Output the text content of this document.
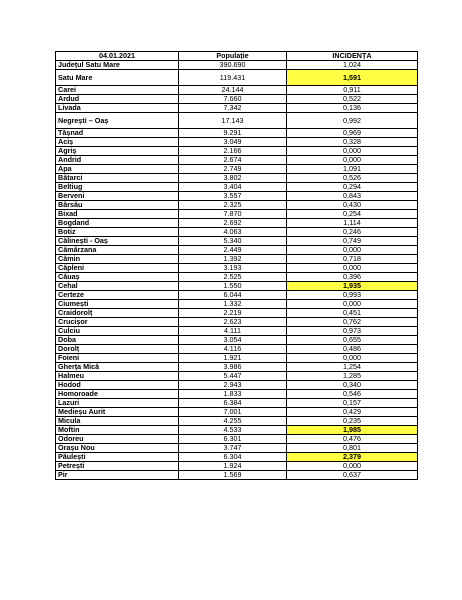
04.01.2021	Populație	INCIDENȚA
Județul Satu Mare	390.690	1,024
Satu Mare	119.431	1,591
Carei	24.144	0,911
Ardud	7.660	0,522
Livada	7.342	0,136
Negrești – Oaș	17.143	0,992
Tășnad	9.291	0,969
Aciș	3.049	0,328
Agriș	2.166	0,000
Andrid	2.674	0,000
Apa	2.749	1,091
Bătarci	3.802	0,526
Beltiug	3.404	0,294
Berveni	3.557	0,843
Bârsău	2.325	0,430
Bixad	7.870	0,254
Bogdand	2.692	1,114
Botiz	4.063	0,246
Călinești - Oaș	5.340	0,749
Cămărzana	2.449	0,000
Cămin	1.392	0,718
Căpleni	3.193	0,000
Căuaș	2.525	0,396
Cehal	1.550	1,935
Certeze	6.044	0,993
Ciumești	1.332	0,000
Craidorolț	2.219	0,451
Crucișor	2.623	0,762
Culciu	4.111	0,973
Doba	3.054	0,655
Dorolț	4.116	0,486
Foieni	1.921	0,000
Gherța Mică	3.986	1,254
Halmeu	5.447	1,285
Hodod	2.943	0,340
Homoroade	1.833	0,546
Lazuri	6.384	0,157
Medieșu Aurit	7.001	0,429
Micula	4.255	0,235
Moftin	4.533	1,985
Odoreu	6.301	0,476
Orașu Nou	3.747	0,801
Păulești	6.304	2,379
Petrești	1.924	0,000
Pir	1.569	0,637
